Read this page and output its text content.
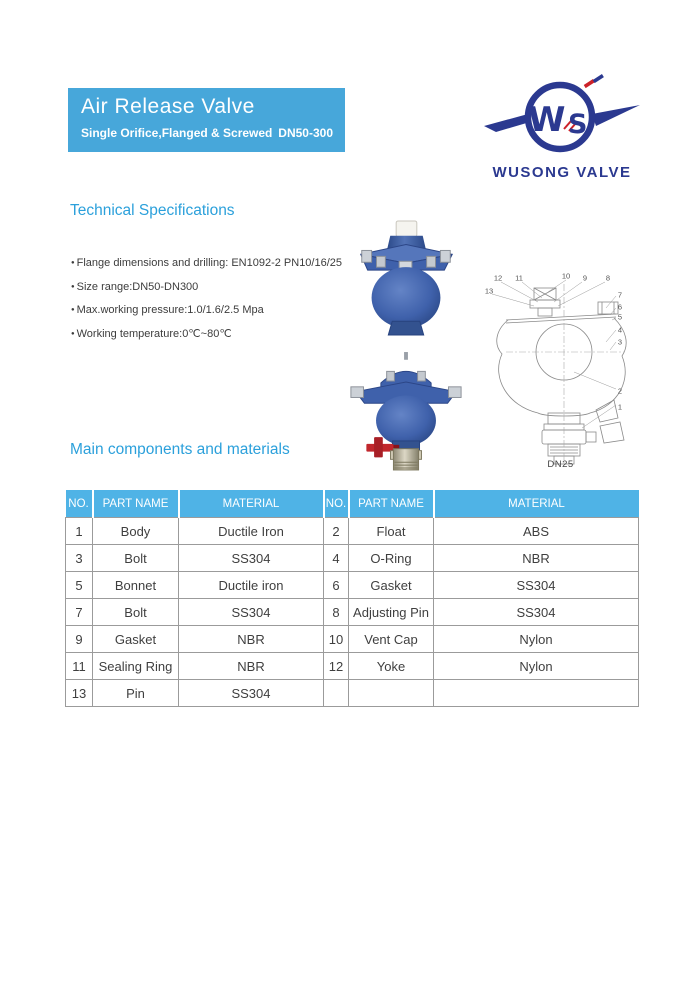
Air Release Valve
Single Orifice,Flanged & Screwed DN50-300	W S
WUSONG VALVE
Technical Specifications
● Flange dimensions and drilling: EN1092-2 PN10/16/25
● Size range:DN50-DN300
● Max.working pressure:1.0/1.6/2.5 Mpa
● Working temperature:0℃~80℃
DN25
13
12 11	10 9	8
7
6
5
4
3
2
1
Main components and materials
NO.	PART NAME	MATERIAL	NO.	PART NAME	MATERIAL
1	Body	Ductile Iron	2	Float	ABS
3	Bolt	SS304	4	O-Ring	NBR
5	Bonnet	Ductile iron	6	Gasket	SS304
7	Bolt	SS304	8	Adjusting Pin	SS304
9	Gasket	NBR	10	Vent Cap	Nylon
11	Sealing Ring	NBR	12	Yoke	Nylon
13	Pin	SS304			
